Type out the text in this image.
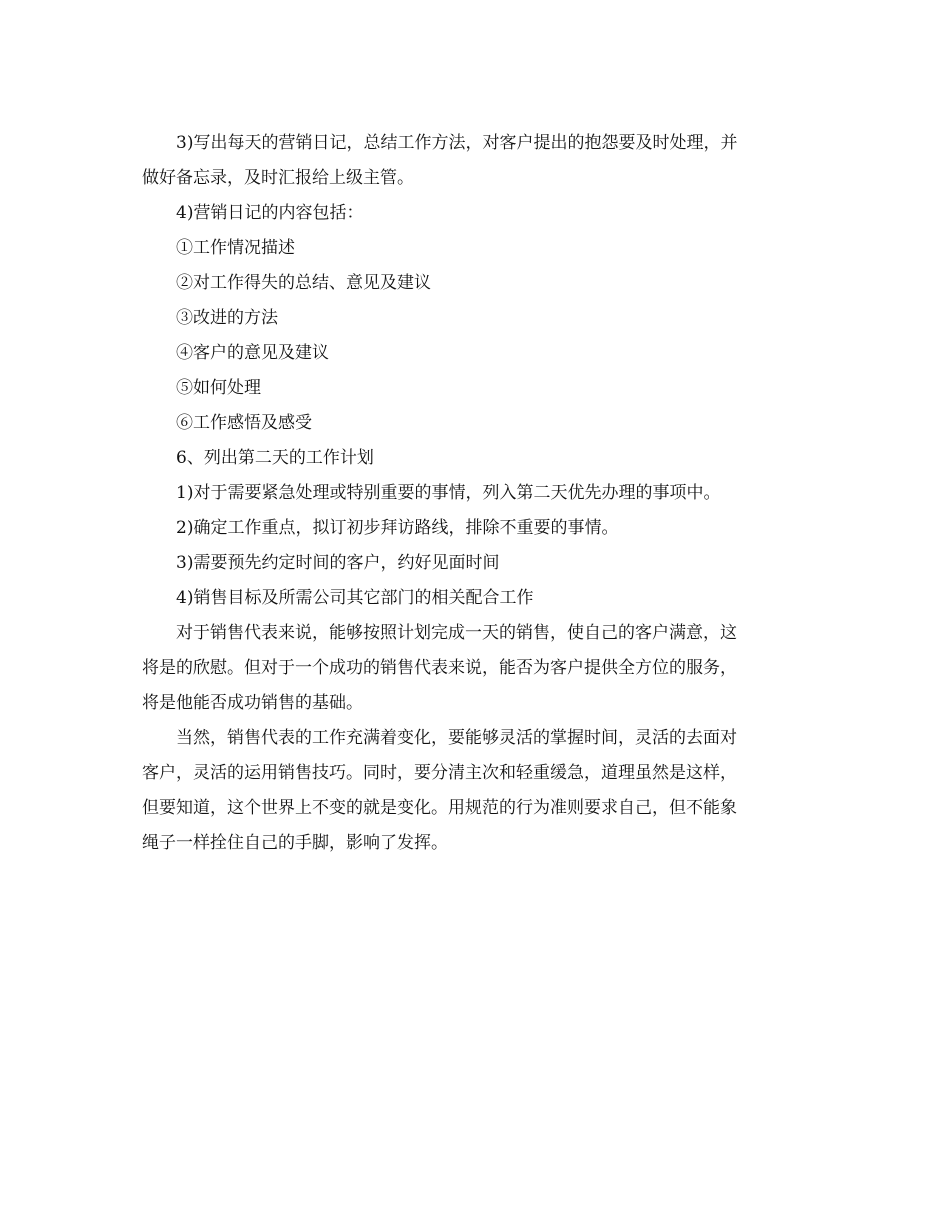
3)写出每天的营销日记，总结工作方法，对客户提出的抱怨要及时处理，并
做好备忘录，及时汇报给上级主管。
4)营销日记的内容包括：
①工作情况描述
②对工作得失的总结、意见及建议
③改进的方法
④客户的意见及建议
⑤如何处理
⑥工作感悟及感受
6、列出第二天的工作计划
1)对于需要紧急处理或特别重要的事情，列入第二天优先办理的事项中。
2)确定工作重点，拟订初步拜访路线，排除不重要的事情。
3)需要预先约定时间的客户，约好见面时间
4)销售目标及所需公司其它部门的相关配合工作
对于销售代表来说，能够按照计划完成一天的销售，使自己的客户满意，这
将是的欣慰。但对于一个成功的销售代表来说，能否为客户提供全方位的服务，
将是他能否成功销售的基础。
当然，销售代表的工作充满着变化，要能够灵活的掌握时间，灵活的去面对
客户，灵活的运用销售技巧。同时，要分清主次和轻重缓急，道理虽然是这样，
但要知道，这个世界上不变的就是变化。用规范的行为准则要求自己，但不能象
绳子一样拴住自己的手脚，影响了发挥。
